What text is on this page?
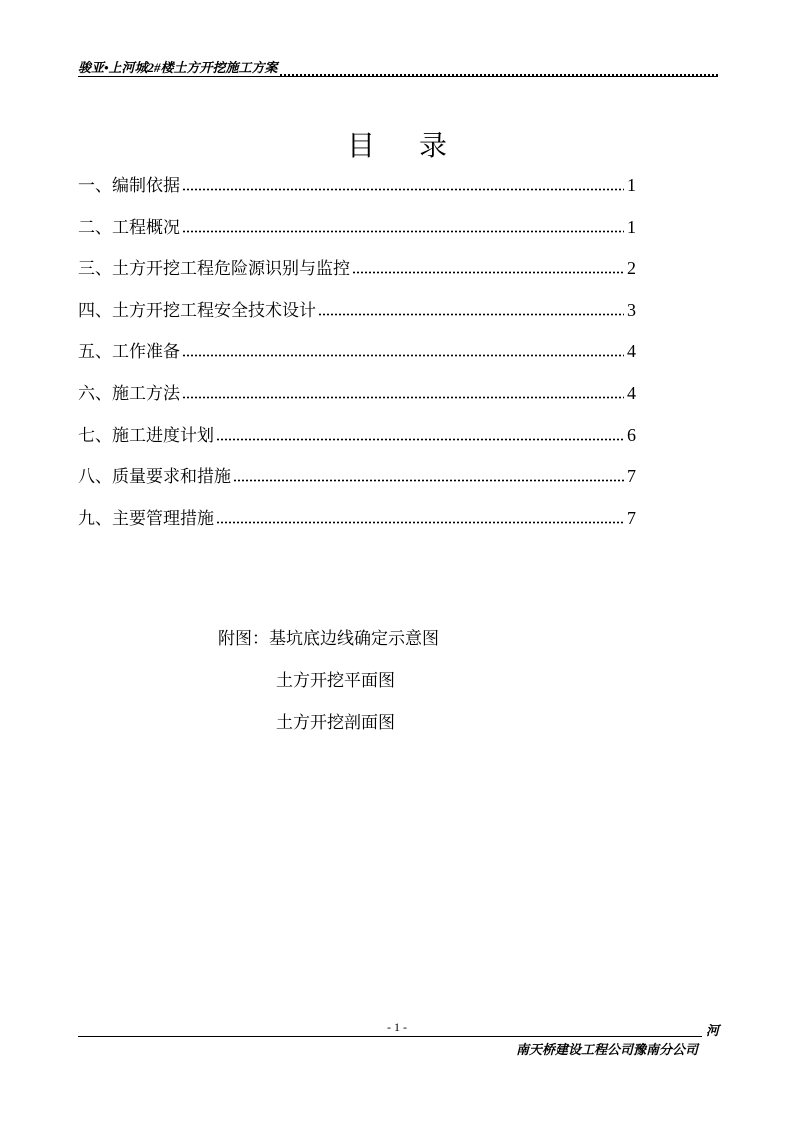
骏亚•上河城2#楼土方开挖施工方案
目录
一、编制依据	1
二、工程概况	1
三、土方开挖工程危险源识别与监控	2
四、土方开挖工程安全技术设计	3
五、工作准备	4
六、施工方法	4
七、施工进度计划	6
八、质量要求和措施	7
九、主要管理措施	7
附图：基坑底边线确定示意图
土方开挖平面图
土方开挖剖面图
- 1 -	河
南天桥建设工程公司豫南分公司
